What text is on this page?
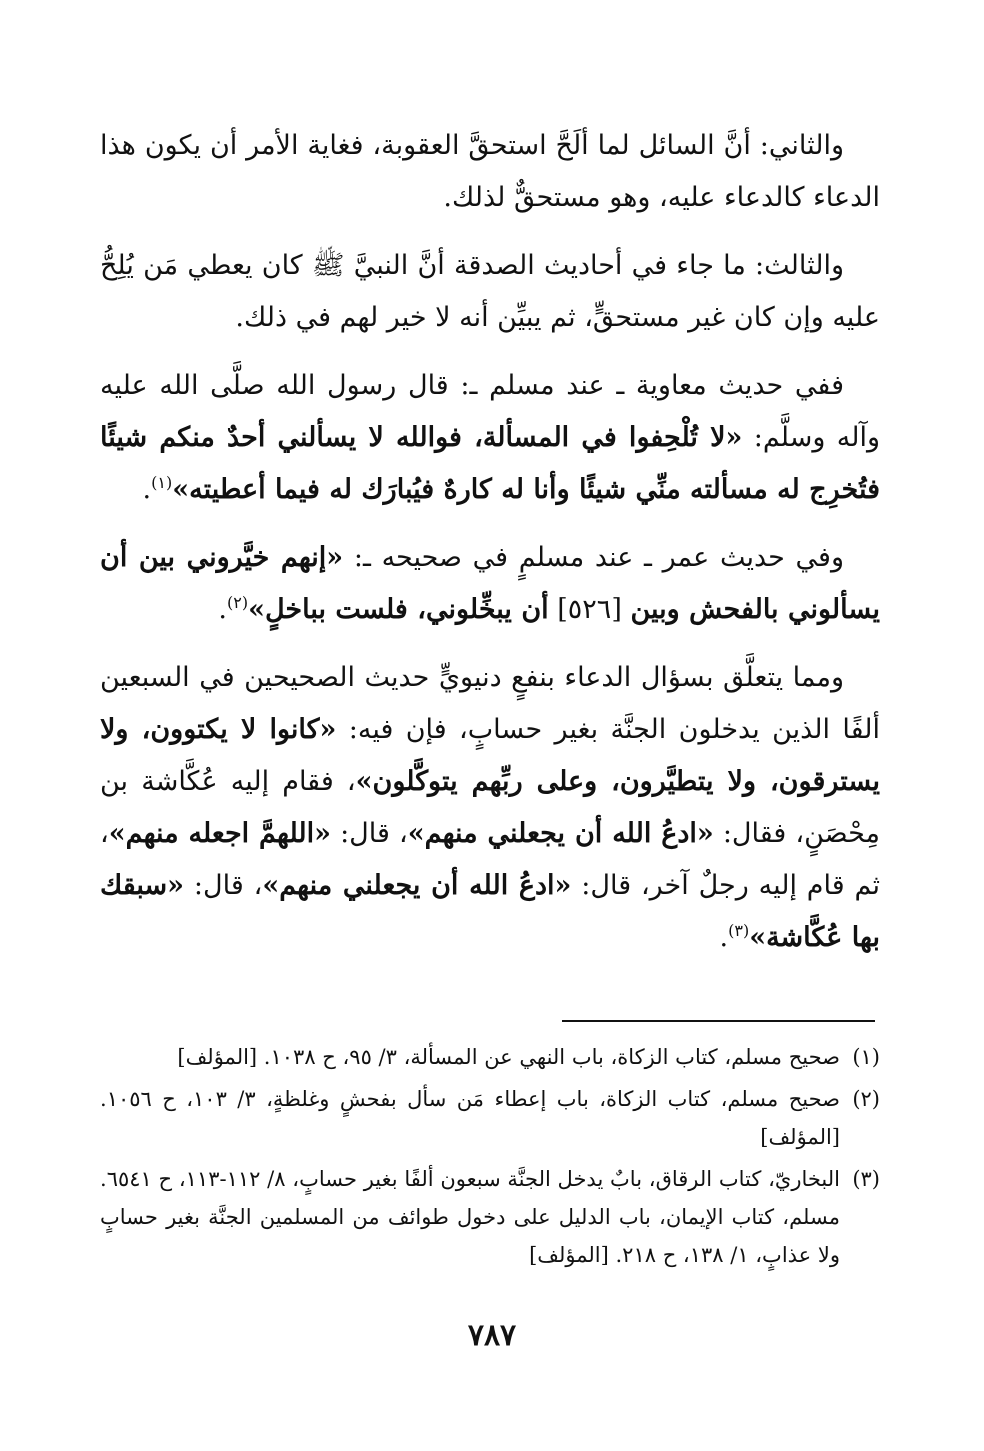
والثاني: أنَّ السائل لما ألَحَّ استحقَّ العقوبة، فغاية الأمر أن يكون هذا الدعاء كالدعاء عليه، وهو مستحقٌّ لذلك.

والثالث: ما جاء في أحاديث الصدقة أنَّ النبيَّ ﷺ كان يعطي مَن يُلِحُّ عليه وإن كان غير مستحقٍّ، ثم يبيِّن أنه لا خير لهم في ذلك.

ففي حديث معاوية ـ عند مسلم ـ: قال رسول الله صلَّى الله عليه وآله وسلَّم: «لا تُلْحِفوا في المسألة، فوالله لا يسألني أحدٌ منكم شيئًا فتُخرِج له مسألته منِّي شيئًا وأنا له كارهٌ فيُبارَك له فيما أعطيته»$^{(١)}$.

وفي حديث عمر ـ عند مسلمٍ في صحيحه ـ: «إنهم خيَّروني بين أن يسألوني بالفحش وبين [٥٢٦] أن يبخِّلوني، فلست بباخلٍ»$^{(٢)}$.

ومما يتعلَّق بسؤال الدعاء بنفعٍ دنيويٍّ حديث الصحيحين في السبعين ألفًا الذين يدخلون الجنَّة بغير حسابٍ، فإن فيه: «كانوا لا يكتوون، ولا يسترقون، ولا يتطيَّرون، وعلى ربِّهم يتوكَّلون»، فقام إليه عُكَّاشة بن مِحْصَنٍ، فقال: «ادعُ الله أن يجعلني منهم»، قال: «اللهمَّ اجعله منهم»، ثم قام إليه رجلٌ آخر، قال: «ادعُ الله أن يجعلني منهم»، قال: «سبقك بها عُكَّاشة»$^{(٣)}$.

(١)
صحيح مسلم، كتاب الزكاة، باب النهي عن المسألة، ٣/ ٩٥، ح ١٠٣٨. [المؤلف]
(٢)
صحيح مسلم، كتاب الزكاة، باب إعطاء مَن سأل بفحشٍ وغلظةٍ، ٣/ ١٠٣، ح ١٠٥٦. [المؤلف]
(٣)
البخاريّ، كتاب الرقاق، بابٌ يدخل الجنَّة سبعون ألفًا بغير حسابٍ، ٨/ ١١٢-١١٣، ح ٦٥٤١. مسلم، كتاب الإيمان، باب الدليل على دخول طوائف من المسلمين الجنَّة بغير حسابٍ ولا عذابٍ، ١/ ١٣٨، ح ٢١٨. [المؤلف]
٧٨٧
